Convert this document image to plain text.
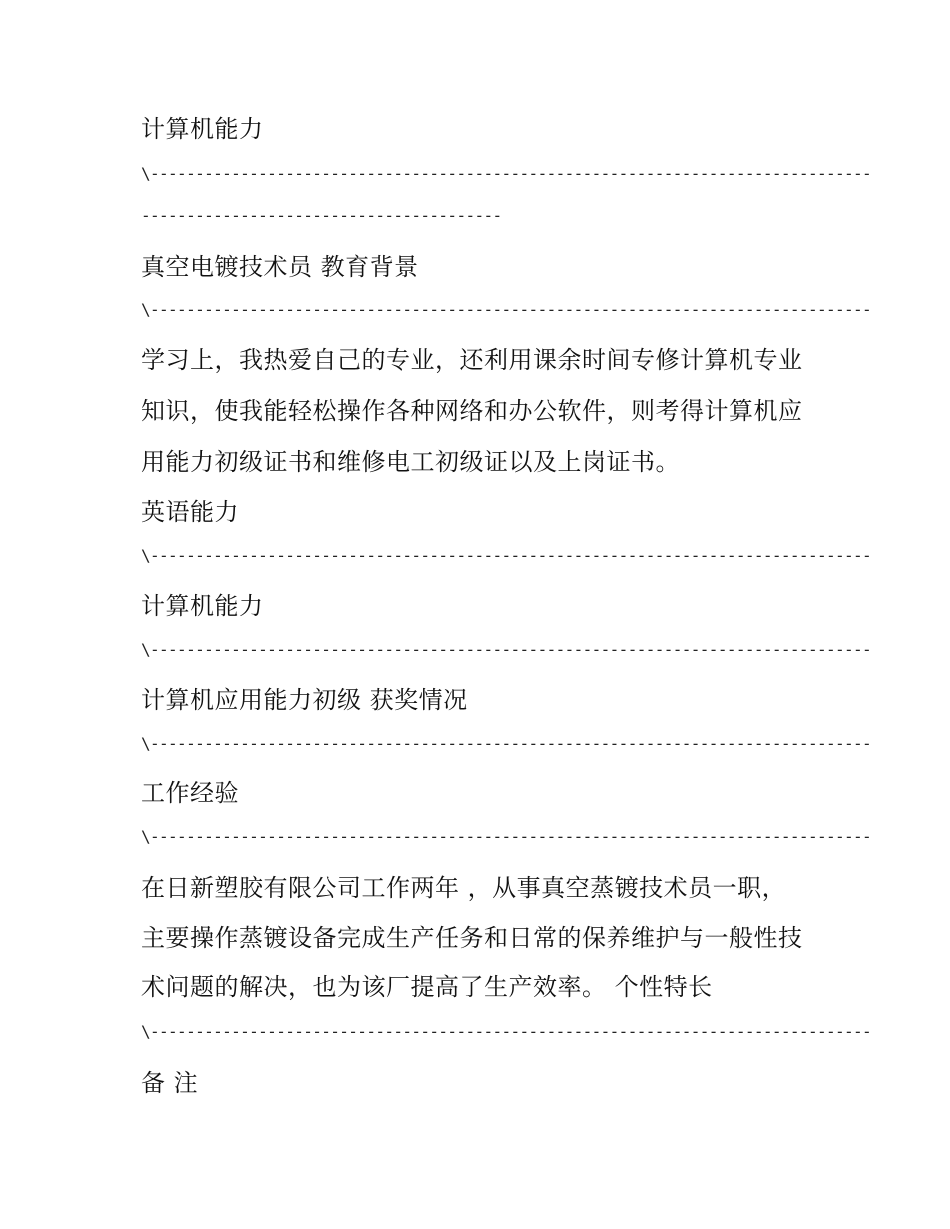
计算机能力
\--------------------------------------------------------------------------------
----------------------------------------
真空电镀技术员 教育背景
\--------------------------------------------------------------------------------
学习上，我热爱自己的专业，还利用课余时间专修计算机专业
知识，使我能轻松操作各种网络和办公软件，则考得计算机应
用能力初级证书和维修电工初级证以及上岗证书。
英语能力
\--------------------------------------------------------------------------------
计算机能力
\--------------------------------------------------------------------------------
计算机应用能力初级 获奖情况
\--------------------------------------------------------------------------------
工作经验
\--------------------------------------------------------------------------------
在日新塑胶有限公司工作两年 ，从事真空蒸镀技术员一职，
主要操作蒸镀设备完成生产任务和日常的保养维护与一般性技
术问题的解决，也为该厂提高了生产效率。 个性特长
\--------------------------------------------------------------------------------
备 注
